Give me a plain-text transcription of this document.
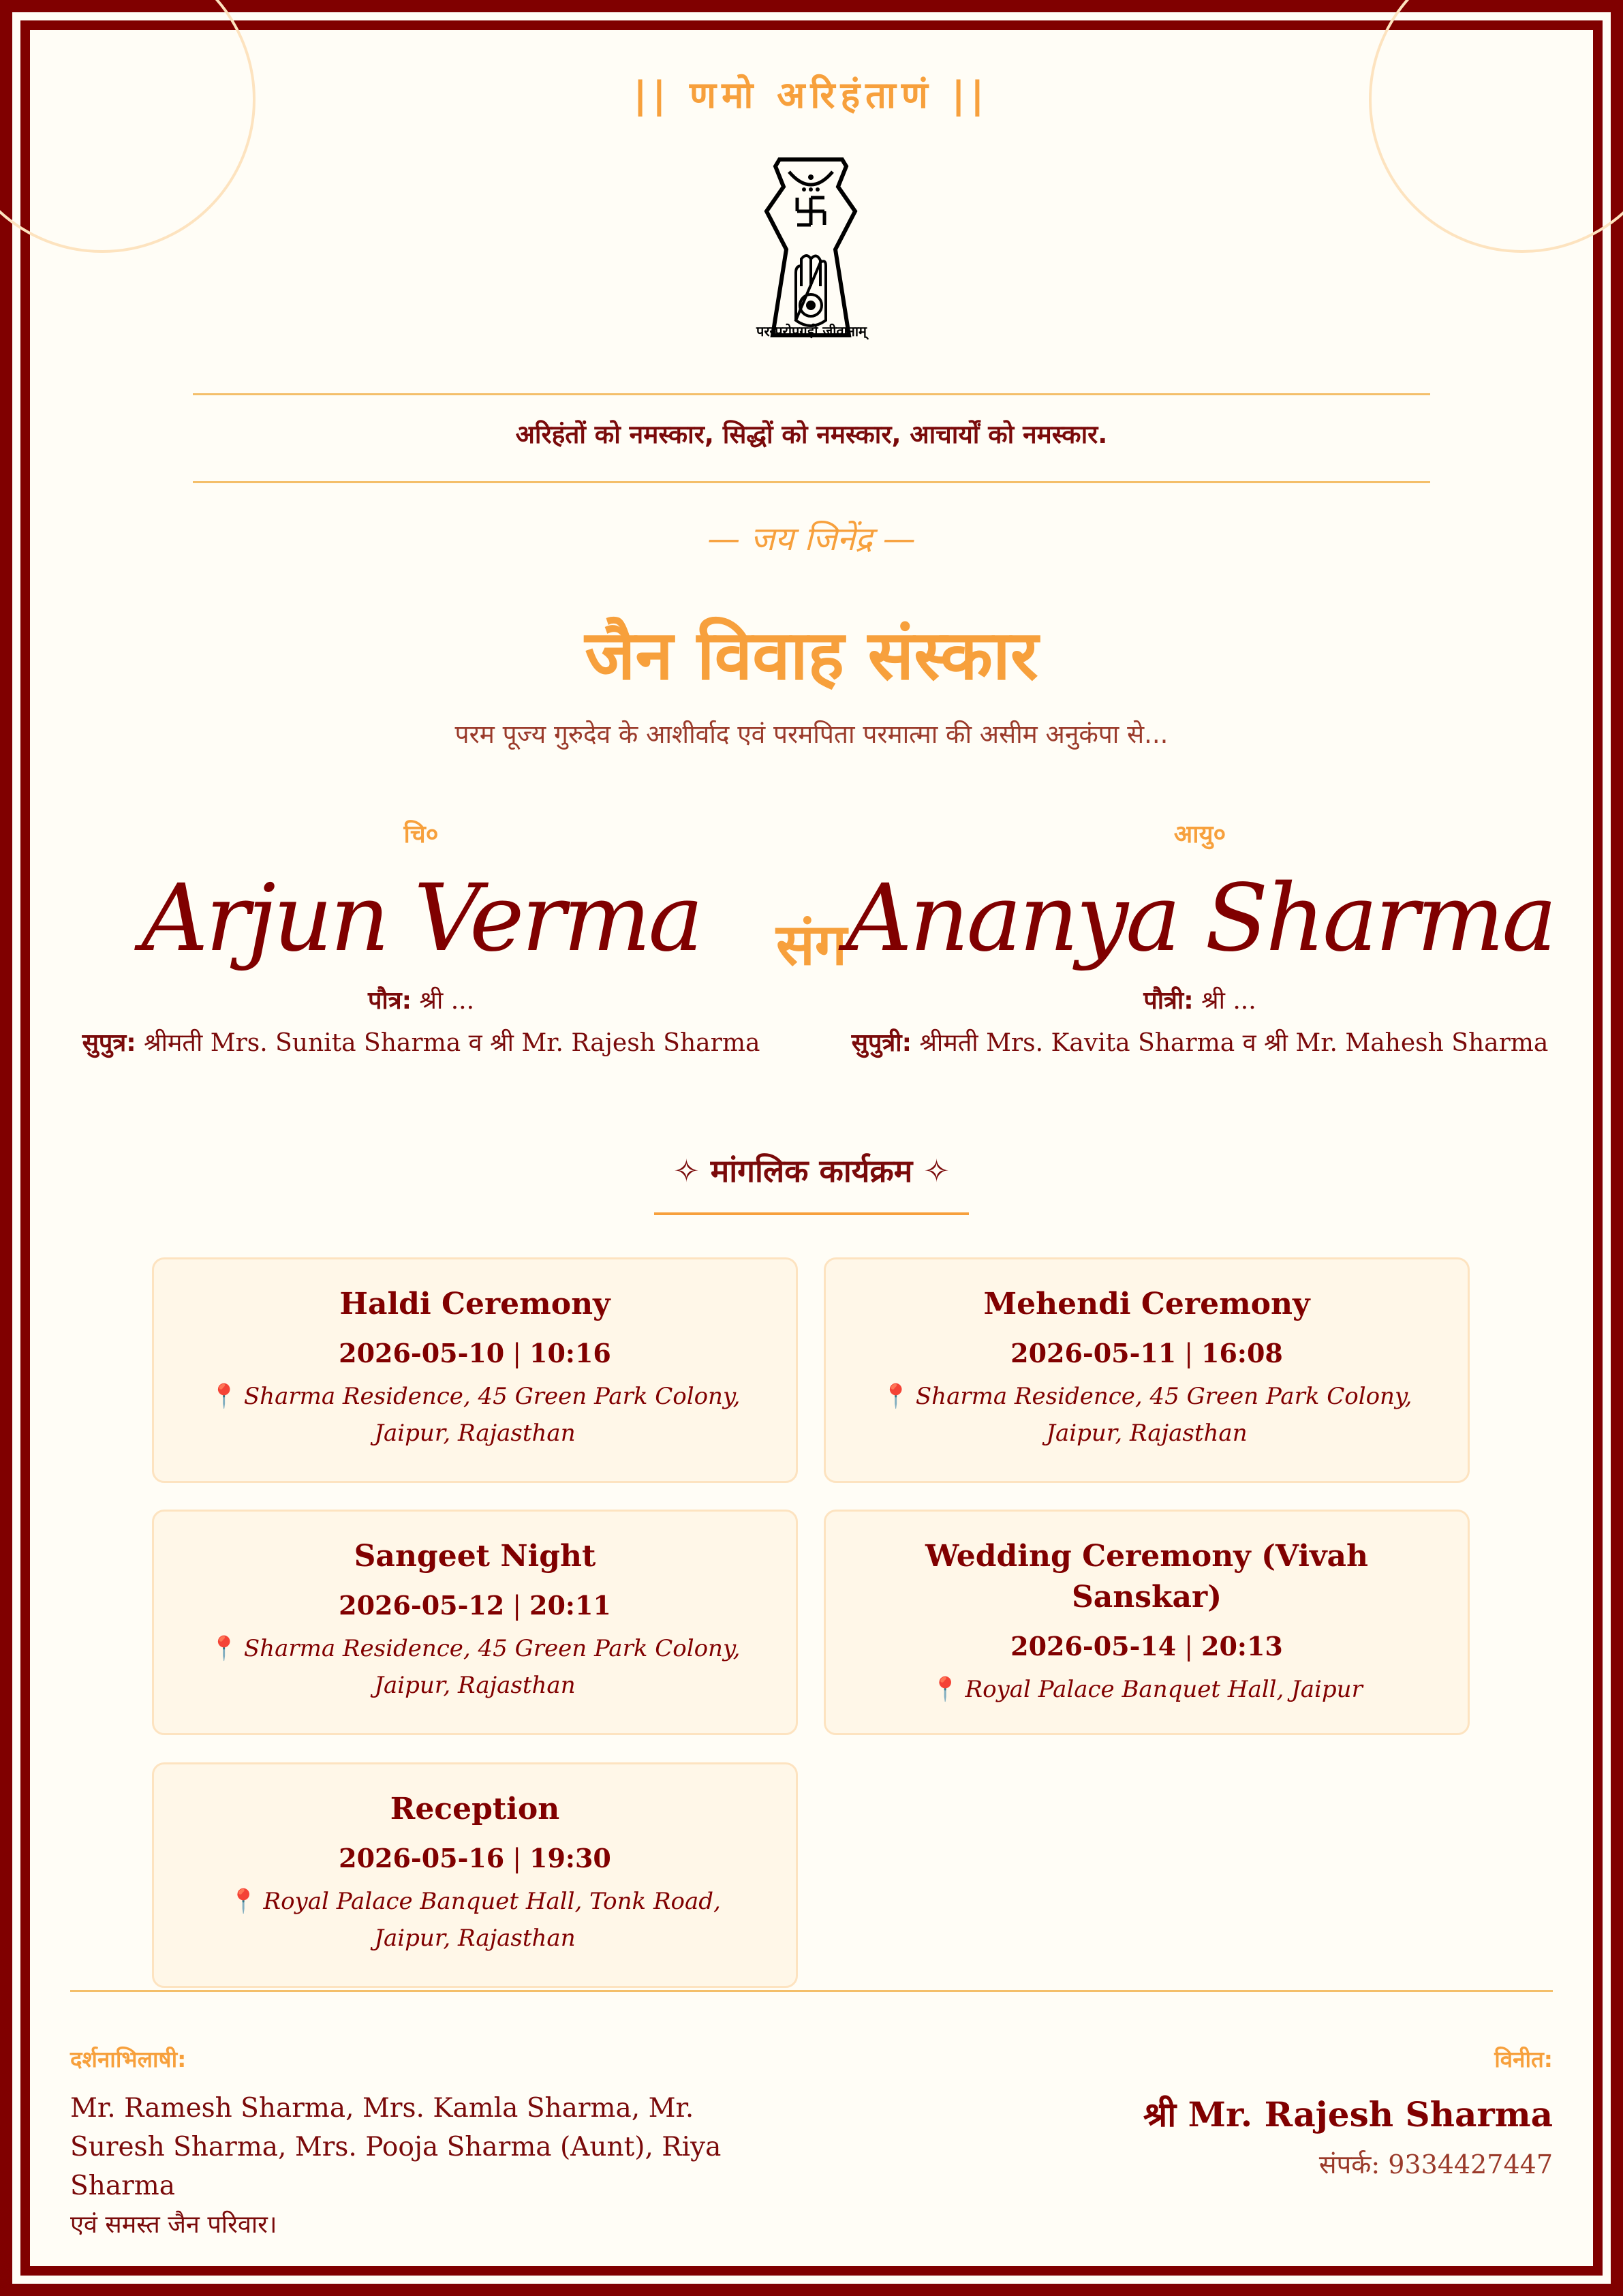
|| णमो अरिहंताणं ||
परस्परोपग्रहो जीवानाम्
अरिहंतों को नमस्कार, सिद्धों को नमस्कार, आचार्यों को नमस्कार.
— जय जिनेंद्र —
जैन विवाह संस्कार
परम पूज्य गुरुदेव के आशीर्वाद एवं परमपिता परमात्मा की असीम अनुकंपा से...
चि०
Arjun Verma
पौत्र: श्री ...
सुपुत्र: श्रीमती Mrs. Sunita Sharma व श्री Mr. Rajesh Sharma
संग
आयु०
Ananya Sharma
पौत्री: श्री ...
सुपुत्री: श्रीमती Mrs. Kavita Sharma व श्री Mr. Mahesh Sharma
✧ मांगलिक कार्यक्रम ✧
Haldi Ceremony
2026-05-10 | 10:16
📍 Sharma Residence, 45 Green Park Colony, Jaipur, Rajasthan
Mehendi Ceremony
2026-05-11 | 16:08
📍 Sharma Residence, 45 Green Park Colony, Jaipur, Rajasthan
Sangeet Night
2026-05-12 | 20:11
📍 Sharma Residence, 45 Green Park Colony, Jaipur, Rajasthan
Wedding Ceremony (Vivah Sanskar)
2026-05-14 | 20:13
📍 Royal Palace Banquet Hall, Jaipur
Reception
2026-05-16 | 19:30
📍 Royal Palace Banquet Hall, Tonk Road, Jaipur, Rajasthan
दर्शनाभिलाषी:
Mr. Ramesh Sharma, Mrs. Kamla Sharma, Mr. Suresh Sharma, Mrs. Pooja Sharma (Aunt), Riya Sharma
एवं समस्त जैन परिवार।
विनीत:
श्री Mr. Rajesh Sharma
संपर्क: 9334427447
